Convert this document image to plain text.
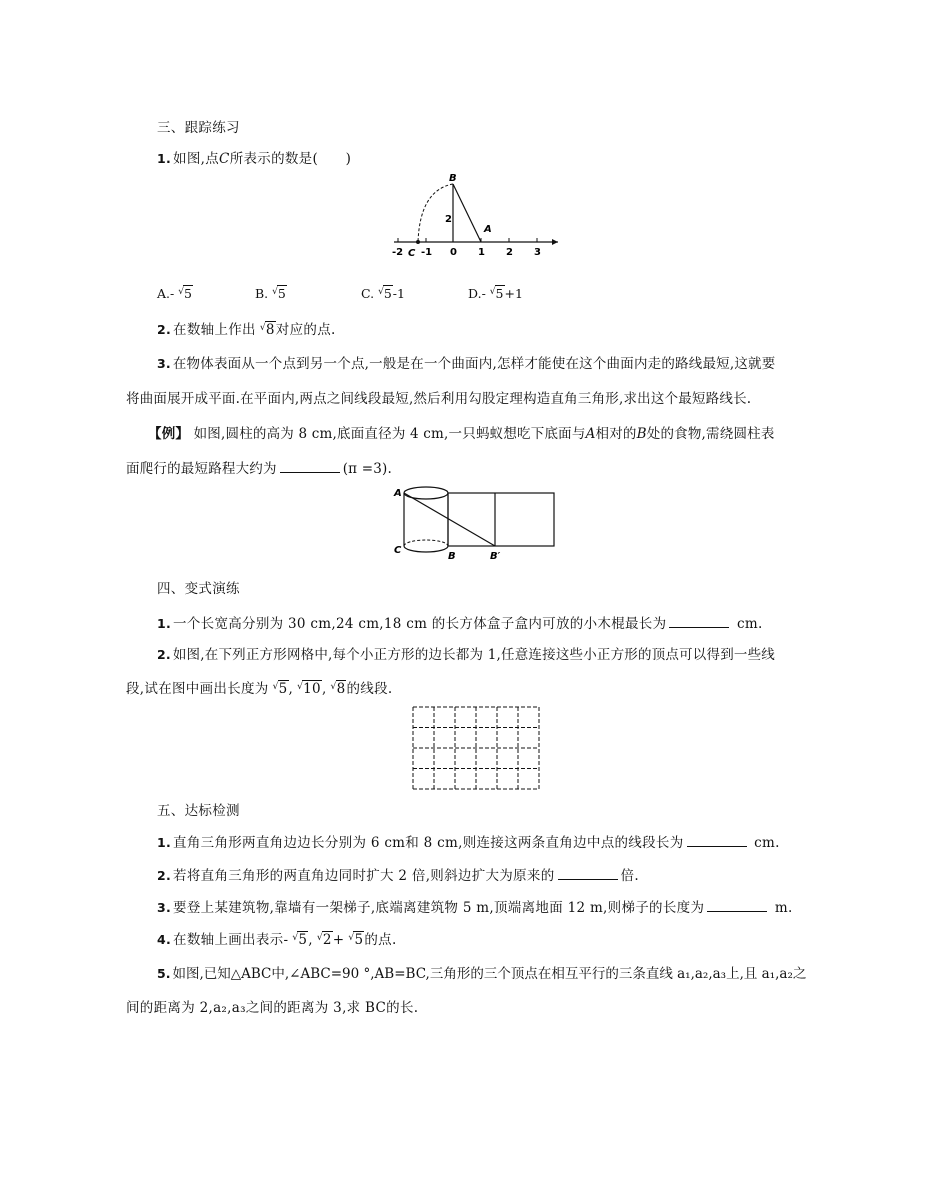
三、跟踪练习
1. 如图,点C所表示的数是(　　)
B
A
2
C
-2 -1 0 1 2 3
A.- √5	B. √5	C. √5-1	D.- √5+1
2. 在数轴上作出 √8对应的点.
3. 在物体表面从一个点到另一个点,一般是在一个曲面内,怎样才能使在这个曲面内走的路线最短,这就要
将曲面展开成平面.在平面内,两点之间线段最短,然后利用勾股定理构造直角三角形,求出这个最短路线长.
【例】 如图,圆柱的高为 8 cm,底面直径为 4 cm,一只蚂蚁想吃下底面与A相对的B处的食物,需绕圆柱表
面爬行的最短路程大约为	(π =3).
A
C
B	B′
四、变式演练
1. 一个长宽高分别为 30 cm,24 cm,18 cm 的长方体盒子盒内可放的小木棍最长为	cm.
2. 如图,在下列正方形网格中,每个小正方形的边长都为 1,任意连接这些小正方形的顶点可以得到一些线
段,试在图中画出长度为 √5, √10, √8的线段.
五、达标检测
1. 直角三角形两直角边边长分别为 6 cm和 8 cm,则连接这两条直角边中点的线段长为	cm.
2. 若将直角三角形的两直角边同时扩大 2 倍,则斜边扩大为原来的	倍.
3. 要登上某建筑物,靠墙有一架梯子,底端离建筑物 5 m,顶端离地面 12 m,则梯子的长度为	m.
4. 在数轴上画出表示- √5, √2+ √5的点.
5. 如图,已知△ABC中,∠ABC=90 °,AB=BC,三角形的三个顶点在相互平行的三条直线 a₁,a₂,a₃上,且 a₁,a₂之
间的距离为 2,a₂,a₃之间的距离为 3,求 BC的长.
